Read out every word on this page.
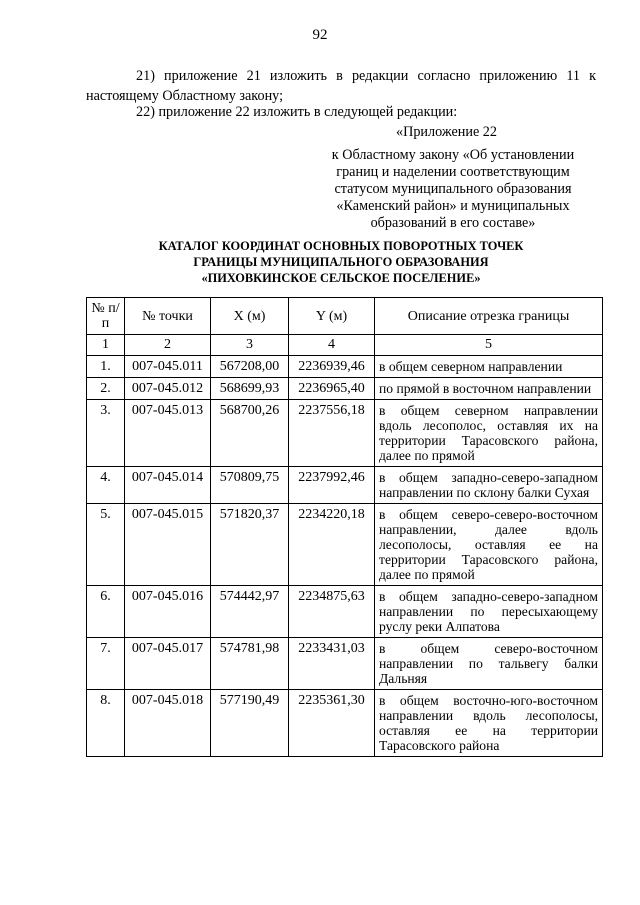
92

21) приложение 21 изложить в редакции согласно приложению 11 к настоящему Областному закону;

22) приложение 22 изложить в следующей редакции:

«Приложение 22
к Областному закону «Об установлении
границ и наделении соответствующим
статусом муниципального образования
«Каменский район» и муниципальных
образований в его составе»
КАТАЛОГ КООРДИНАТ ОСНОВНЫХ ПОВОРОТНЫХ ТОЧЕК
ГРАНИЦЫ МУНИЦИПАЛЬНОГО ОБРАЗОВАНИЯ
«ПИХОВКИНСКОЕ СЕЛЬСКОЕ ПОСЕЛЕНИЕ»
№ п/п	№ точки	X (м)	Y (м)	Описание отрезка границы
1	2	3	4	5
1.	007-045.011	567208,00	2236939,46	в общем северном направлении
2.	007-045.012	568699,93	2236965,40	по прямой в восточном направлении
3.	007-045.013	568700,26	2237556,18	в общем северном направлении вдоль лесополос, оставляя их на территории Тарасовского района, далее по прямой
4.	007-045.014	570809,75	2237992,46	в общем западно-северо-западном направлении по склону балки Сухая
5.	007-045.015	571820,37	2234220,18	в общем северо-северо-восточном направлении, далее вдоль лесополосы, оставляя ее на территории Тарасовского района, далее по прямой
6.	007-045.016	574442,97	2234875,63	в общем западно-северо-западном направлении по пересыхающему руслу реки Алпатова
7.	007-045.017	574781,98	2233431,03	в общем северо-восточном направлении по тальвегу балки Дальняя
8.	007-045.018	577190,49	2235361,30	в общем восточно-юго-восточном направлении вдоль лесополосы, оставляя ее на территории Тарасовского района
